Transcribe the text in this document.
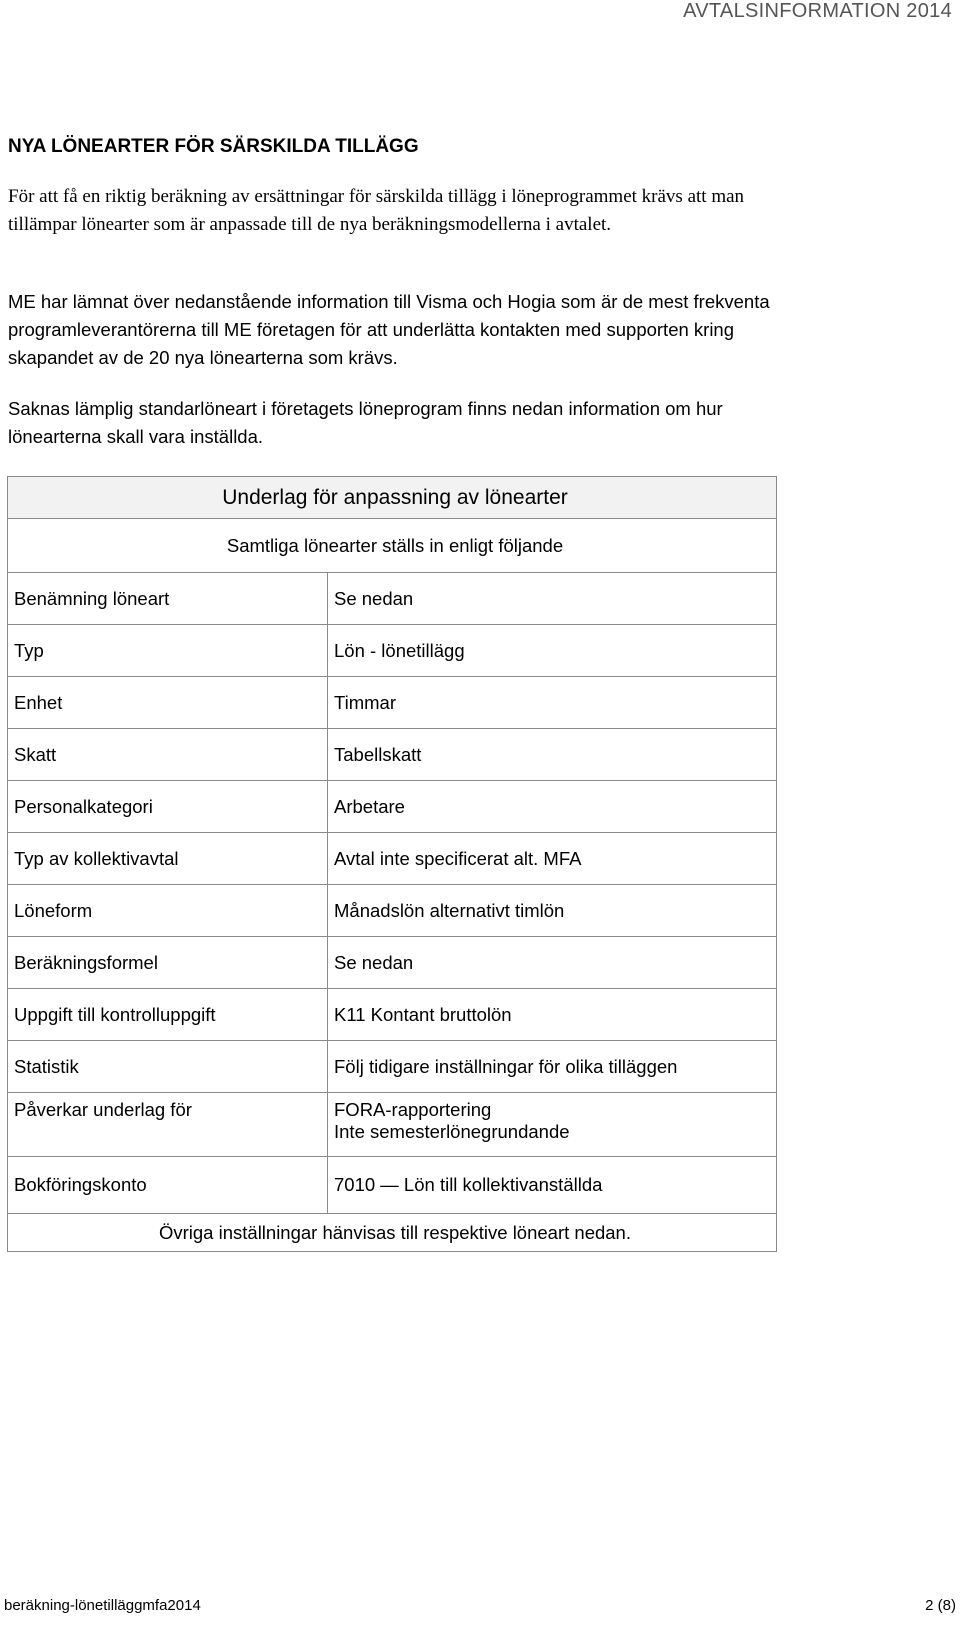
AVTALSINFORMATION 2014
NYA LÖNEARTER FÖR SÄRSKILDA TILLÄGG

För att få en riktig beräkning av ersättningar för särskilda tillägg i löneprogrammet krävs att man tillämpar lönearter som är anpassade till de nya beräkningsmodellerna i avtalet.

ME har lämnat över nedanstående information till Visma och Hogia som är de mest frekventa programleverantörerna till ME företagen för att underlätta kontakten med supporten kring skapandet av de 20 nya lönearterna som krävs.

Saknas lämplig standarlöneart i företagets löneprogram finns nedan information om hur lönearterna skall vara inställda.

Underlag för anpassning av lönearter	
Samtliga lönearter ställs in enligt följande	
Benämning löneart	Se nedan
Typ	Lön - lönetillägg
Enhet	Timmar
Skatt	Tabellskatt
Personalkategori	Arbetare
Typ av kollektivavtal	Avtal inte specificerat alt. MFA
Löneform	Månadslön alternativt timlön
Beräkningsformel	Se nedan
Uppgift till kontrolluppgift	K11 Kontant bruttolön
Statistik	Följ tidigare inställningar för olika tilläggen
Påverkar underlag för	FORA-rapportering
Inte semesterlönegrundande

Bokföringskonto	7010 — Lön till kollektivanställda
Övriga inställningar hänvisas till respektive löneart nedan.	
beräkning-lönetilläggmfa2014	2 (8)
